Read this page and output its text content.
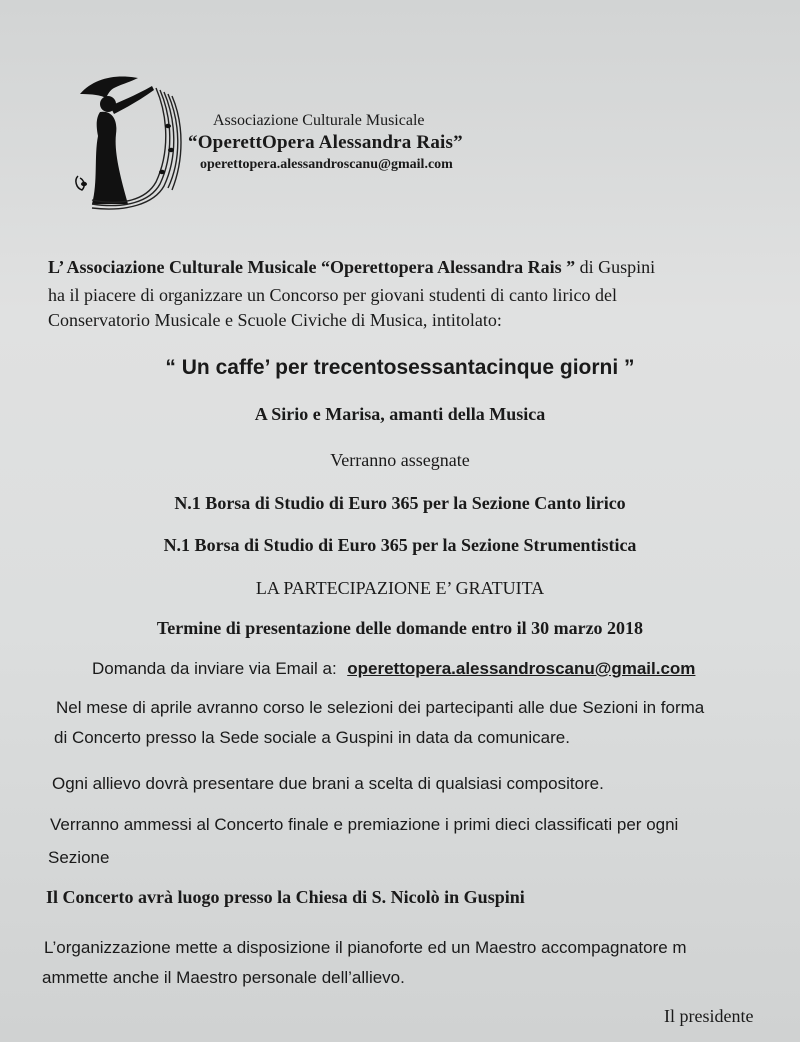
Associazione Culturale Musicale
“OperettOpera Alessandra Rais”
operettopera.alessandroscanu@gmail.com
L’ Associazione Culturale Musicale “Operettopera Alessandra Rais ” di Guspini
ha il piacere di organizzare un Concorso per giovani studenti di canto lirico del
Conservatorio Musicale e Scuole Civiche di Musica, intitolato:
“ Un caffe’ per trecentosessantacinque giorni ”
A Sirio e Marisa, amanti della Musica
Verranno assegnate
N.1 Borsa di Studio di Euro 365 per la Sezione Canto lirico
N.1 Borsa di Studio di Euro 365 per la Sezione Strumentistica
LA PARTECIPAZIONE E’ GRATUITA
Termine di presentazione delle domande entro il 30 marzo 2018
Domanda da inviare via Email a: operettopera.alessandroscanu@gmail.com
Nel mese di aprile avranno corso le selezioni dei partecipanti alle due Sezioni in forma
di Concerto presso la Sede sociale a Guspini in data da comunicare.
Ogni allievo dovrà presentare due brani a scelta di qualsiasi compositore.
Verranno ammessi al Concerto finale e premiazione i primi dieci classificati per ogni
Sezione
Il Concerto avrà luogo presso la Chiesa di S. Nicolò in Guspini
L’organizzazione mette a disposizione il pianoforte ed un Maestro accompagnatore m
ammette anche il Maestro personale dell’allievo.
Il presidente
